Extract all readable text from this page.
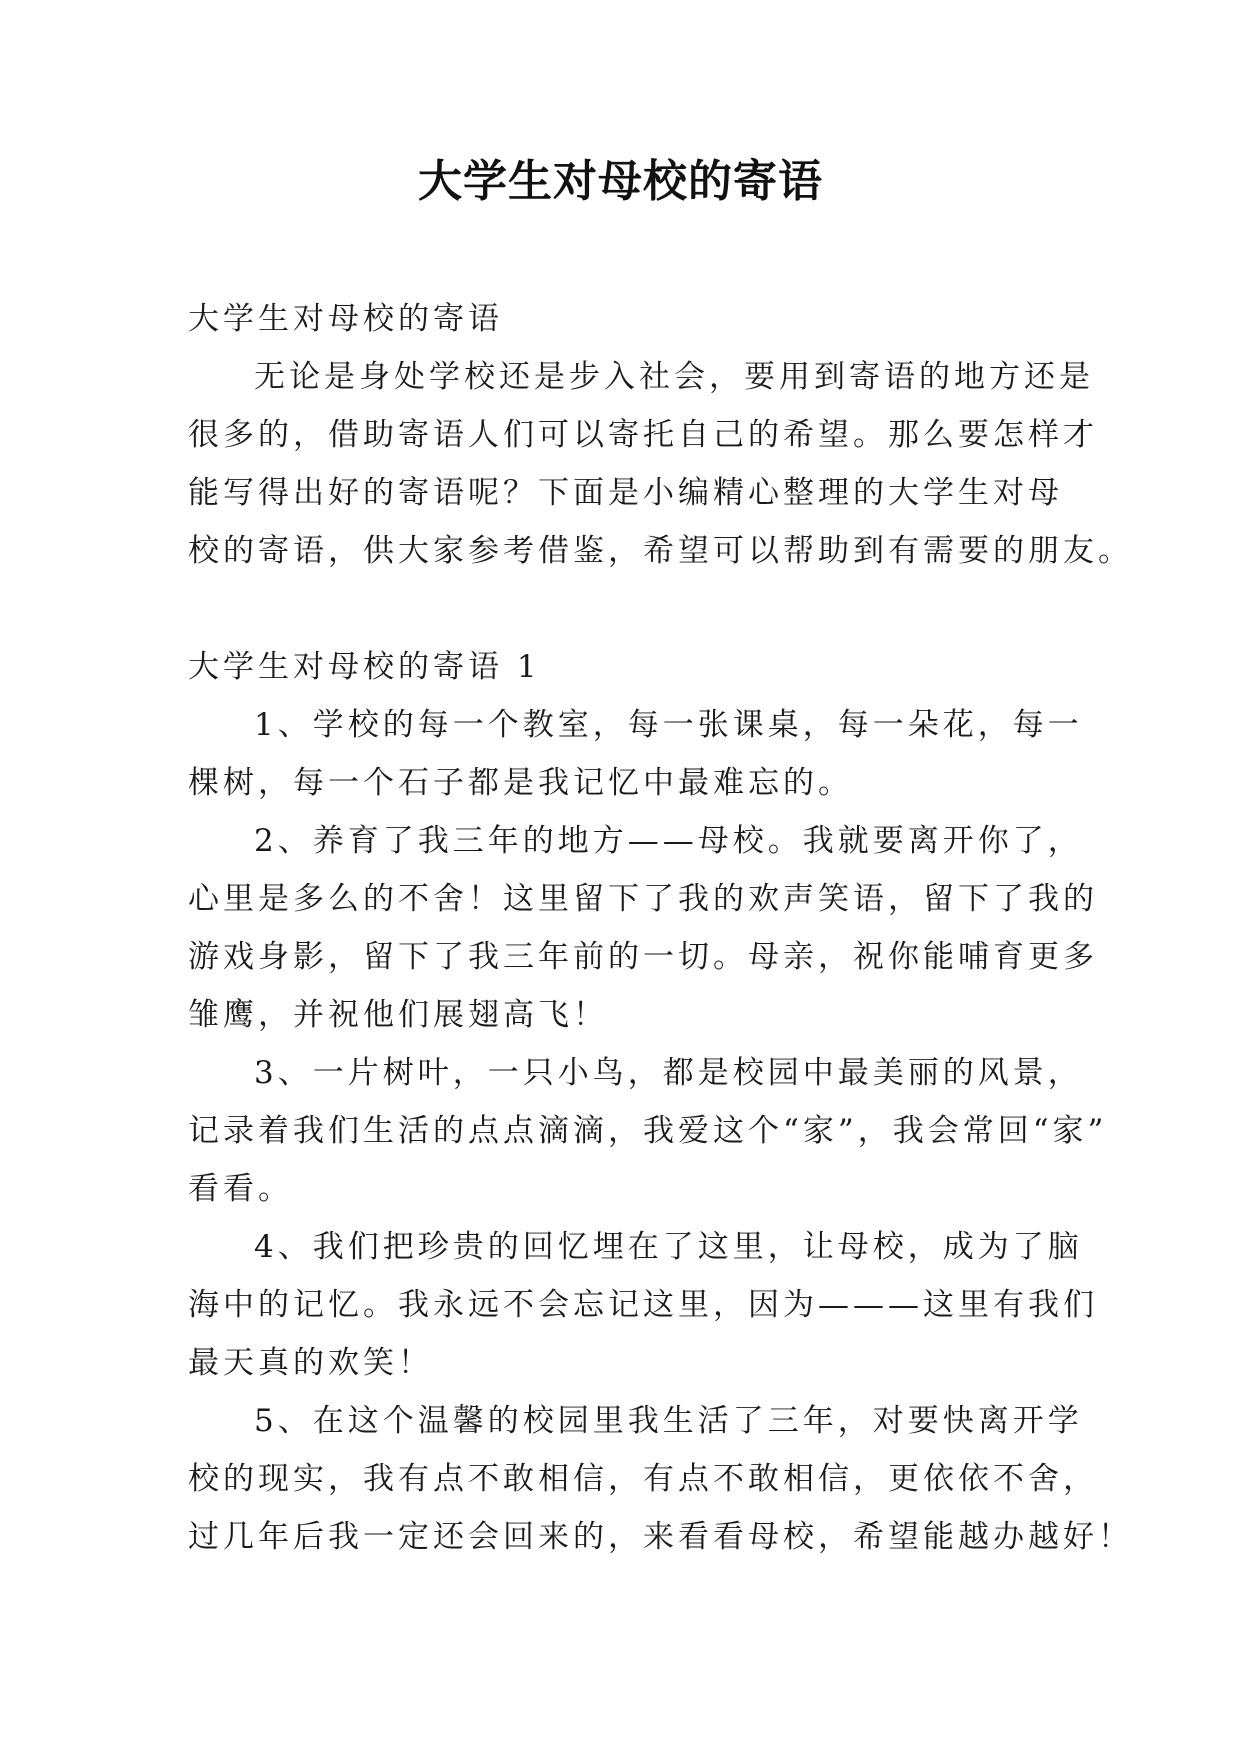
大学生对母校的寄语

大学生对母校的寄语

无论是身处学校还是步入社会，要用到寄语的地方还是

很多的，借助寄语人们可以寄托自己的希望。那么要怎样才

能写得出好的寄语呢？下面是小编精心整理的大学生对母

校的寄语，供大家参考借鉴，希望可以帮助到有需要的朋友。

大学生对母校的寄语 1

1、学校的每一个教室，每一张课桌，每一朵花，每一

棵树，每一个石子都是我记忆中最难忘的。

2、养育了我三年的地方——母校。我就要离开你了，

心里是多么的不舍！这里留下了我的欢声笑语，留下了我的

游戏身影，留下了我三年前的一切。母亲，祝你能哺育更多

雏鹰，并祝他们展翅高飞！

3、一片树叶，一只小鸟，都是校园中最美丽的风景，

记录着我们生活的点点滴滴，我爱这个“家”，我会常回“家”

看看。

4、我们把珍贵的回忆埋在了这里，让母校，成为了脑

海中的记忆。我永远不会忘记这里，因为———这里有我们

最天真的欢笑！

5、在这个温馨的校园里我生活了三年，对要快离开学

校的现实，我有点不敢相信，有点不敢相信，更依依不舍，

过几年后我一定还会回来的，来看看母校，希望能越办越好！
